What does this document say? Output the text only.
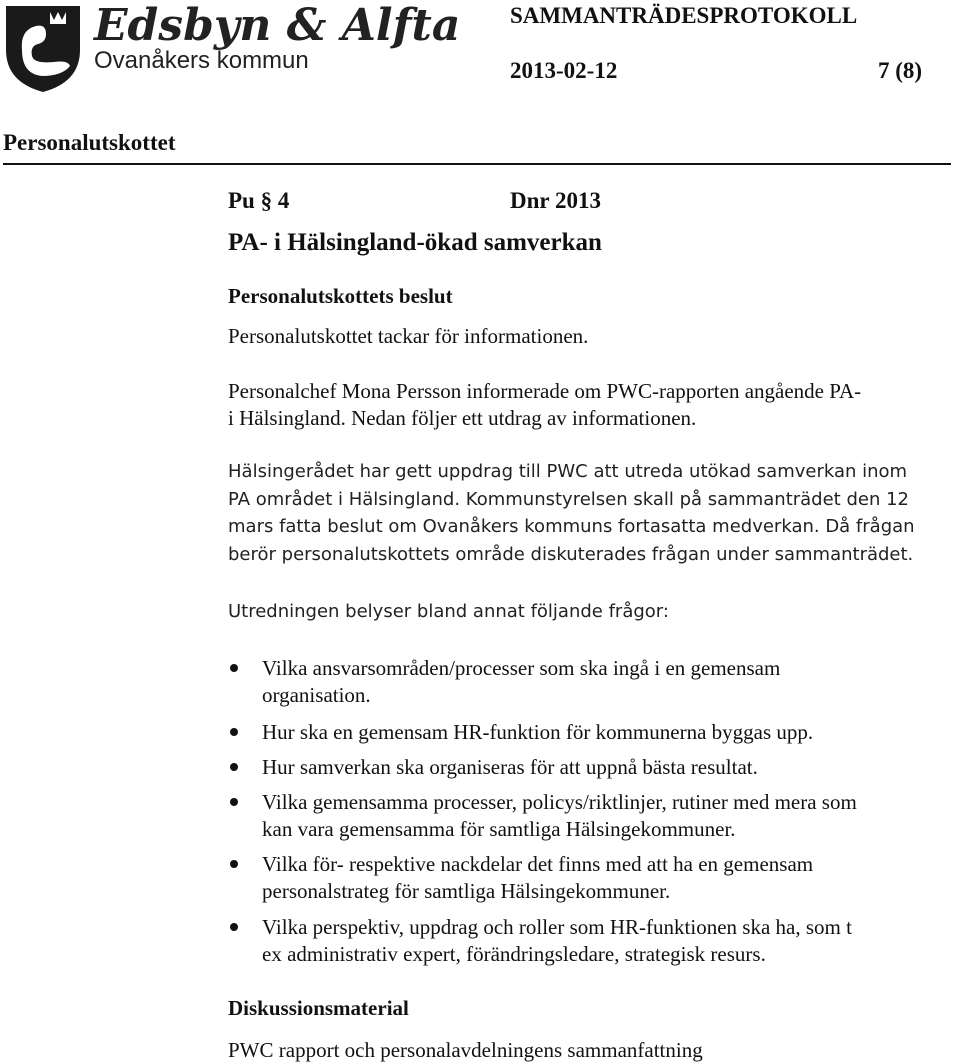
Edsbyn & Alfta
Ovanåkers kommun
SAMMANTRÄDESPROTOKOLL
2013-02-12	7 (8)
Personalutskottet
Pu § 4	Dnr 2013
PA- i Hälsingland-ökad samverkan
Personalutskottets beslut
Personalutskottet tackar för informationen.
Personalchef Mona Persson informerade om PWC-rapporten angående PA-
i Hälsingland. Nedan följer ett utdrag av informationen.
Hälsingerådet har gett uppdrag till PWC att utreda utökad samverkan inom
PA området i Hälsingland. Kommunstyrelsen skall på sammanträdet den 12
mars fatta beslut om Ovanåkers kommuns fortasatta medverkan. Då frågan
berör personalutskottets område diskuterades frågan under sammanträdet.
Utredningen belyser bland annat följande frågor:
Vilka ansvarsområden/processer som ska ingå i en gemensam
organisation.
Hur ska en gemensam HR-funktion för kommunerna byggas upp.
Hur samverkan ska organiseras för att uppnå bästa resultat.
Vilka gemensamma processer, policys/riktlinjer, rutiner med mera som
kan vara gemensamma för samtliga Hälsingekommuner.
Vilka för- respektive nackdelar det finns med att ha en gemensam
personalstrateg för samtliga Hälsingekommuner.
Vilka perspektiv, uppdrag och roller som HR-funktionen ska ha, som t
ex administrativ expert, förändringsledare, strategisk resurs.
Diskussionsmaterial
PWC rapport och personalavdelningens sammanfattning
